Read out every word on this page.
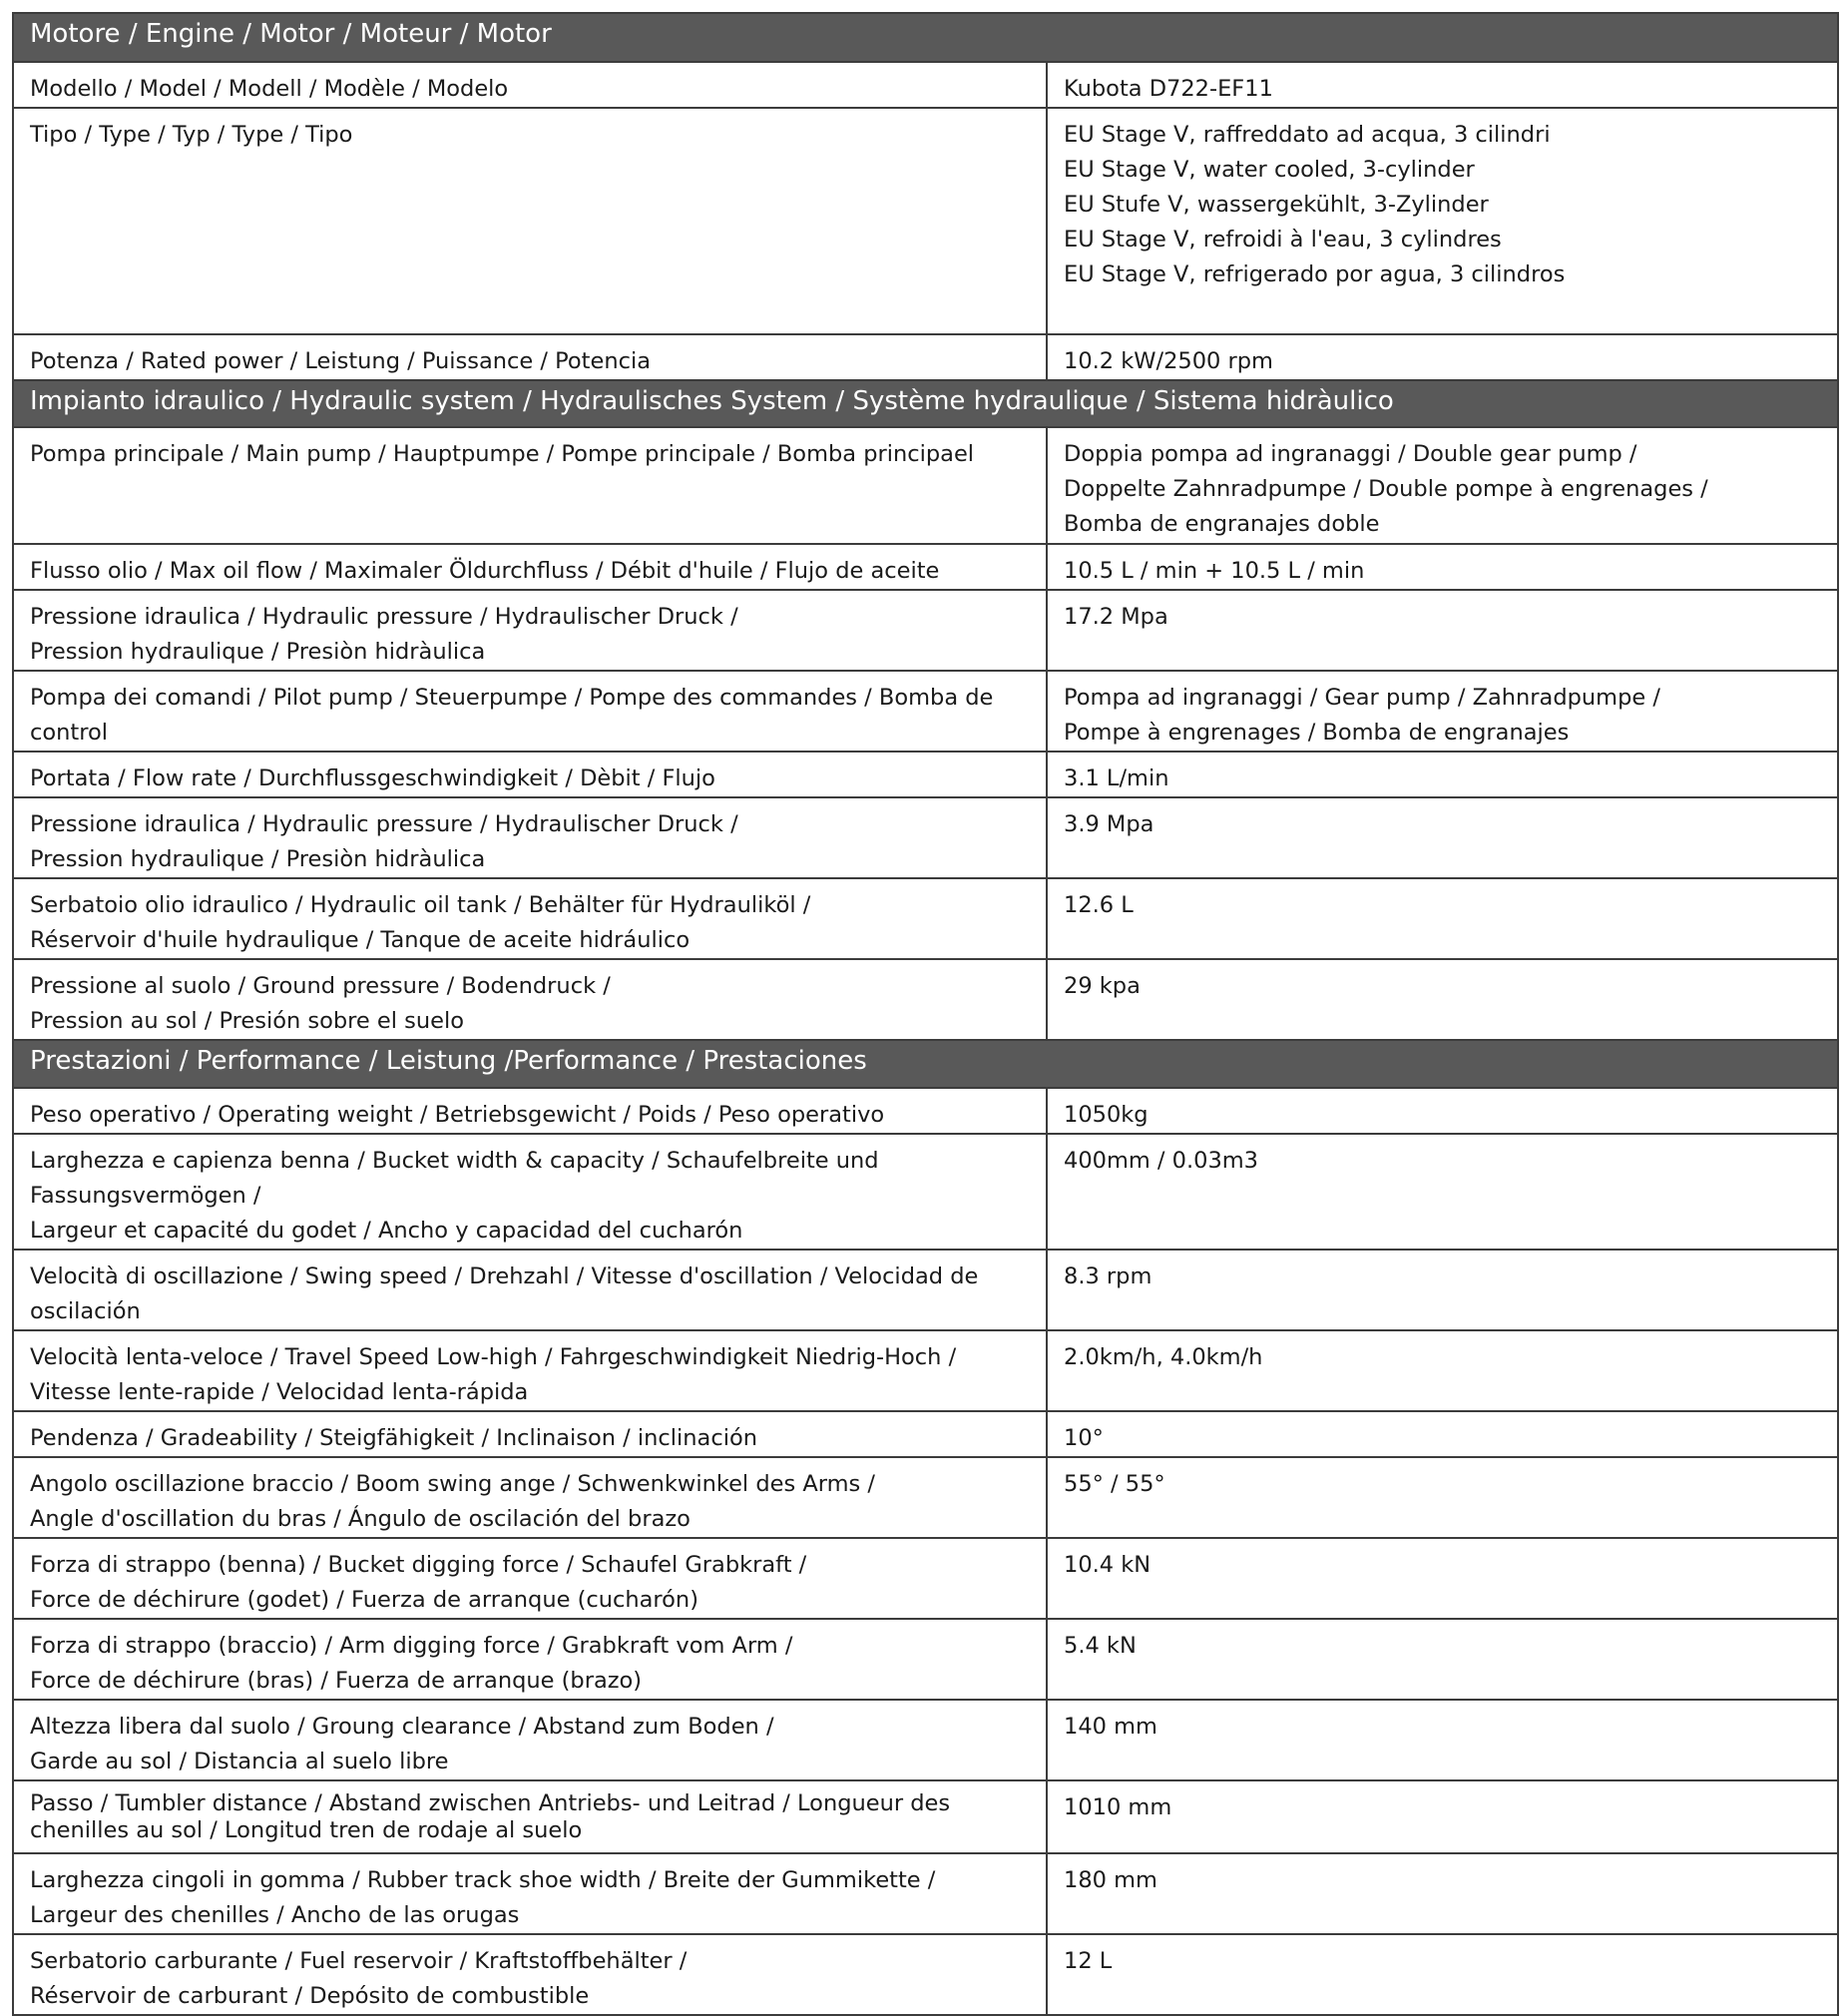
Motore / Engine / Motor / Moteur / Motor	
Modello / Model / Modell / Modèle / Modelo	Kubota D722-EF11
Tipo / Type / Typ / Type / Tipo	EU Stage V, raffreddato ad acqua, 3 cilindri
EU Stage V, water cooled, 3-cylinder
EU Stufe V, wassergekühlt, 3-Zylinder
EU Stage V, refroidi à l'eau, 3 cylindres
EU Stage V, refrigerado por agua, 3 cilindros
Potenza / Rated power / Leistung / Puissance / Potencia	10.2 kW/2500 rpm
Impianto idraulico / Hydraulic system / Hydraulisches System / Système hydraulique / Sistema hidràulico	
Pompa principale / Main pump / Hauptpumpe / Pompe principale / Bomba principael	Doppia pompa ad ingranaggi / Double gear pump /
Doppelte Zahnradpumpe / Double pompe à engrenages /
Bomba de engranajes doble
Flusso olio / Max oil flow / Maximaler Öldurchfluss / Débit d'huile / Flujo de aceite	10.5 L / min + 10.5 L / min
Pressione idraulica / Hydraulic pressure / Hydraulischer Druck /
Pression hydraulique / Presiòn hidràulica	17.2 Mpa
Pompa dei comandi / Pilot pump / Steuerpumpe / Pompe des commandes / Bomba de control	Pompa ad ingranaggi / Gear pump / Zahnradpumpe /
Pompe à engrenages / Bomba de engranajes
Portata / Flow rate / Durchflussgeschwindigkeit / Dèbit / Flujo	3.1 L/min
Pressione idraulica / Hydraulic pressure / Hydraulischer Druck /
Pression hydraulique / Presiòn hidràulica	3.9 Mpa
Serbatoio olio idraulico / Hydraulic oil tank / Behälter für Hydrauliköl /
Réservoir d'huile hydraulique / Tanque de aceite hidráulico	12.6 L
Pressione al suolo / Ground pressure / Bodendruck /
Pression au sol / Presión sobre el suelo	29 kpa
Prestazioni / Performance / Leistung /Performance / Prestaciones	
Peso operativo / Operating weight / Betriebsgewicht / Poids / Peso operativo	1050kg
Larghezza e capienza benna / Bucket width & capacity / Schaufelbreite und Fassungsvermögen /
Largeur et capacité du godet / Ancho y capacidad del cucharón	400mm / 0.03m3
Velocità di oscillazione / Swing speed / Drehzahl / Vitesse d'oscillation / Velocidad de oscilación	8.3 rpm
Velocità lenta-veloce / Travel Speed Low-high / Fahrgeschwindigkeit Niedrig-Hoch /
Vitesse lente-rapide / Velocidad lenta-rápida	2.0km/h, 4.0km/h
Pendenza / Gradeability / Steigfähigkeit / Inclinaison / inclinación	10°
Angolo oscillazione braccio / Boom swing ange / Schwenkwinkel des Arms /
Angle d'oscillation du bras / Ángulo de oscilación del brazo	55° / 55°
Forza di strappo (benna) / Bucket digging force / Schaufel Grabkraft /
Force de déchirure (godet) / Fuerza de arranque (cucharón)	10.4 kN
Forza di strappo (braccio) / Arm digging force / Grabkraft vom Arm /
Force de déchirure (bras) / Fuerza de arranque (brazo)	5.4 kN
Altezza libera dal suolo / Groung clearance / Abstand zum Boden /
Garde au sol / Distancia al suelo libre	140 mm
Passo / Tumbler distance / Abstand zwischen Antriebs- und Leitrad / Longueur des chenilles au sol / Longitud tren de rodaje al suelo	1010 mm
Larghezza cingoli in gomma / Rubber track shoe width / Breite der Gummikette /
Largeur des chenilles / Ancho de las orugas	180 mm
Serbatorio carburante / Fuel reservoir / Kraftstoffbehälter /
Réservoir de carburant / Depósito de combustible	12 L
